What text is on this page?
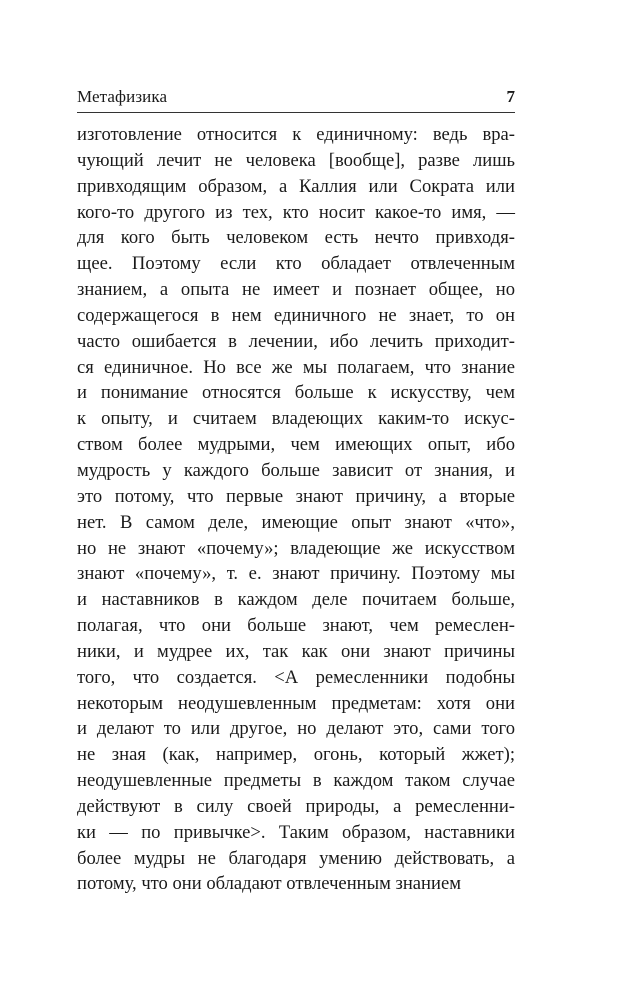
Метафизика	7
изготовление относится к единичному: ведь вра-
чующий лечит не человека [вообще], разве лишь
привходящим образом, а Каллия или Сократа или
кого-то другого из тех, кто носит какое-то имя, —
для кого быть человеком есть нечто привходя-
щее. Поэтому если кто обладает отвлеченным
знанием, а опыта не имеет и познает общее, но
содержащегося в нем единичного не знает, то он
часто ошибается в лечении, ибо лечить приходит-
ся единичное. Но все же мы полагаем, что знание
и понимание относятся больше к искусству, чем
к опыту, и считаем владеющих каким-то искус-
ством более мудрыми, чем имеющих опыт, ибо
мудрость у каждого больше зависит от знания, и
это потому, что первые знают причину, а вторые
нет. В самом деле, имеющие опыт знают «что»,
но не знают «почему»; владеющие же искусством
знают «почему», т. е. знают причину. Поэтому мы
и наставников в каждом деле почитаем больше,
полагая, что они больше знают, чем ремеслен-
ники, и мудрее их, так как они знают причины
того, что создается. <А ремесленники подобны
некоторым неодушевленным предметам: хотя они
и делают то или другое, но делают это, сами того
не зная (как, например, огонь, который жжет);
неодушевленные предметы в каждом таком случае
действуют в силу своей природы, а ремесленни-
ки — по привычке>. Таким образом, наставники
более мудры не благодаря умению действовать, а
потому, что они обладают отвлеченным знанием
